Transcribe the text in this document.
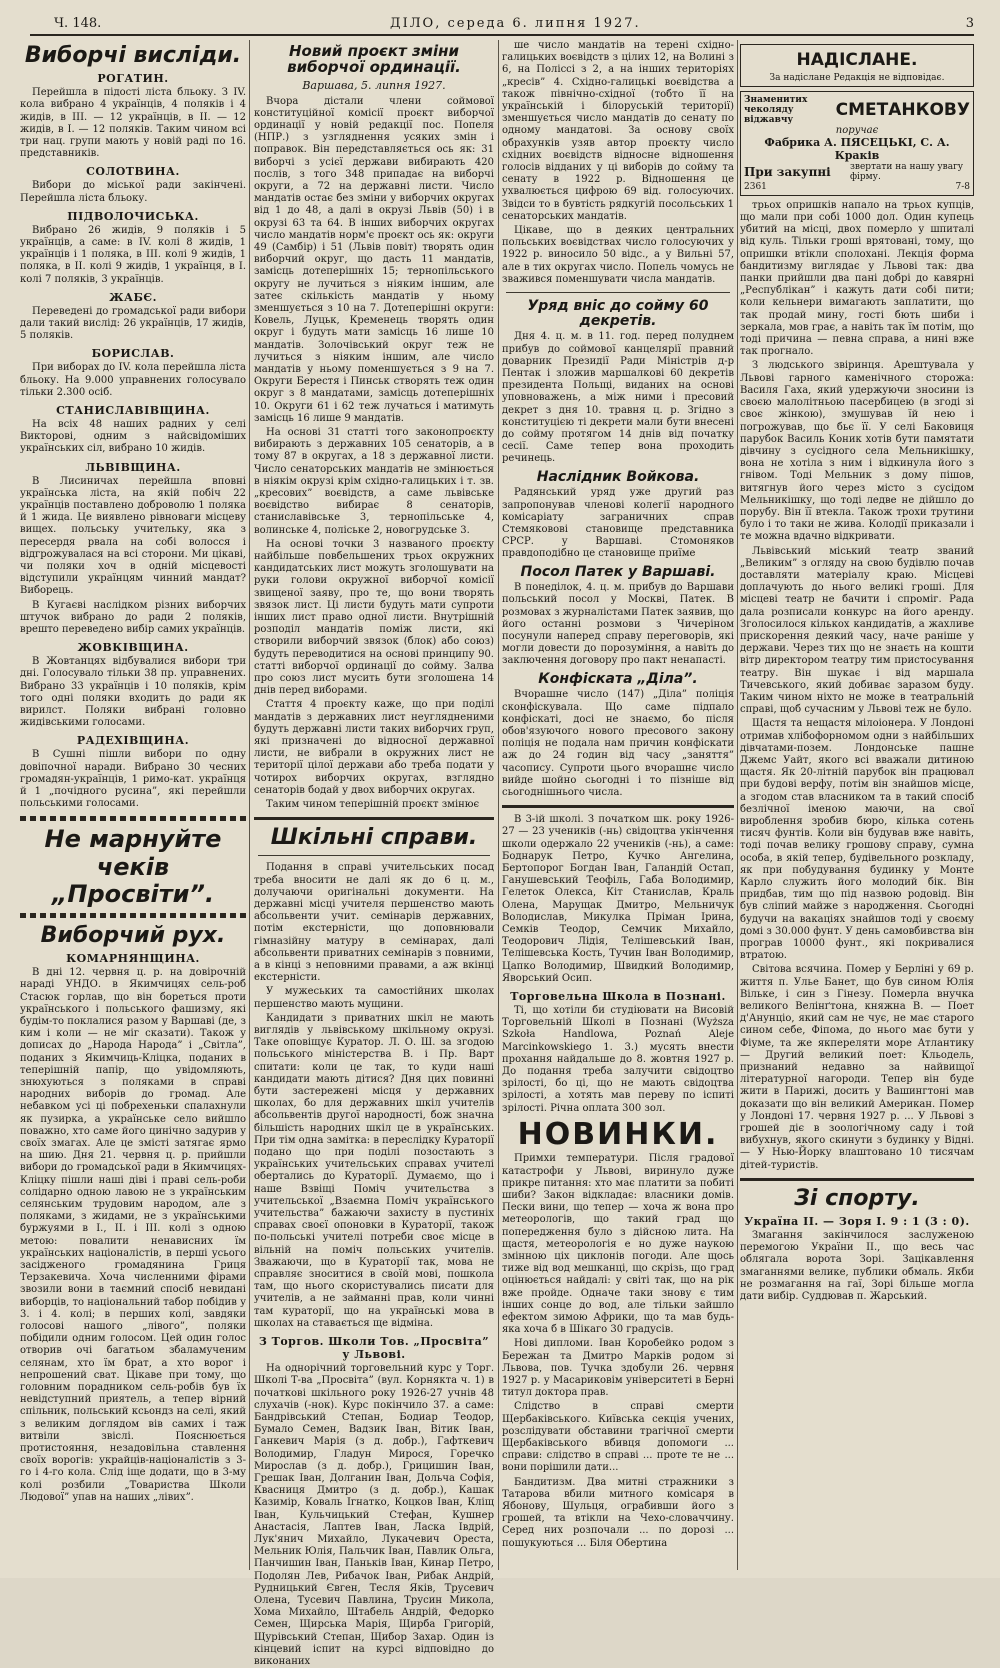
Ч. 148.	ДІЛО, середа 6. липня 1927.	3
Виборчі висліди.
РОГАТИН.

Перейшла в підості ліста бльоку. З IV. кола вибрано 4 українців, 4 поляків і 4 жидів, в III. — 12 українців, в II. — 12 жидів, в I. — 12 поляків. Таким чином всі три нац. групи мають у новій раді по 16. представників.

СОЛОТВИНА.

Вибори до міської ради закінчені. Перейшла ліста бльоку.

ПІДВОЛОЧИСЬКА.

Вибрано 26 жидів, 9 поляків і 5 українців, а саме: в IV. колі 8 жидів, 1 українців і 1 поляка, в III. колі 9 жидів, 1 поляка, в II. колі 9 жидів, 1 українця, в I. колі 7 поляків, 3 українців.

ЖАБЄ.

Переведені до громадської ради вибори дали такий вислід: 26 українців, 17 жидів, 5 поляків.

БОРИСЛАВ.

При виборах до IV. кола перейшла ліста бльоку. На 9.000 управнених голосувало тільки 2.300 осіб.

СТАНИСЛАВІВЩИНА.

На всіх 48 наших радних у селі Викторові, одним з найсвідоміших українських сіл, вибрано 10 жидів.

ЛЬВІВЩИНА.

В Лисиничах перейшла вповні українська ліста, на якій побіч 22 українців поставлено доброволю 1 поляка й 1 жида. Це виявлено рівноваги місцеву вищех. польську учительку, яка з пересердя рвала на собі волосся і відгрожувалася на всі сторони. Ми цікаві, чи поляки хоч в одній місцевості відступили українцям чинний мандат? Виборець.

В Кугаєві наслідком різних виборчих штучок вибрано до ради 2 поляків, врешто переведено вибір самих українців.

ЖОВКІВЩИНА.

В Жовтанцях відбувалися вибори три дні. Голосувало тільки 38 пр. управнених. Вибрано 33 українців і 10 поляків, крім того одні поляки входить до ради як вирилст. Поляки вибрані головно жидівськими голосами.

РАДЕХІВЩИНА.

В Сушні пішли вибори по одну довіпочної наради. Вибрано 30 чесних громадян-українців, 1 римо-кат. українця й 1 „почідного русина”, які перейшли польськими голосами.

Не марнуйте
чеків
„Просвіти”.
Виборчий рух.
КОМАРНЯНЩИНА.

В днi 12. червня ц. р. на довірочній нараді УНДО. в Якимчицях сель-роб Стасюк горлав, що він бореться проти українського і польського фашизму, які будім-то поклалися разом у Варшаві (де, з ким і коли — не міг сказати). Також у дописах до „Народа Народа” і „Світла”, поданих з Якимчиць-Кліцка, поданих в теперішній папір, що увідомляють, знюхуються з поляками в справі народних виборів до громад. Але небавком усі ці побрехеньки спалахнули як пузирка, а українське село вийшло поважно, хто саме його цинічно задурив у своїх змагах. Але це змісті затягає ярмо на шию. Дня 21. червня ц. р. прийшли вибори до громадської ради в Якимчицях-Кліцку пішли наші діві і праві сель-роби солідарно одною лавою не з українським селянським трудовим народом, але з поляками, з жидами, не з українськими буржуями в I., II. і III. колі з одною метою: повалити ненависних їм українських націоналістів, в перші усього засідженого громадянина Гриця Терзакевича. Хоча численними фірами звозили вони в таємний спосіб невидані виборців, то національний табор побідив у 3. і 4. колі; в перших колі, завдяки голосові нашого „лівого”, поляки побідили одним голосом. Цей один голос отворив очі багатьом збаламученим селянам, хто їм брат, а хто ворог і непрошений сват. Цікаве при тому, що головним порадником сель-робів був їх невідступний приятель, а тепер вірний спільник, польський ксьондз на селі, який з великим доглядом вів самих і таж витвіли звіслі. Пояснюється протистояння, незадовільна ставлення своїх ворогів: украйців-націоналістів з 3-го і 4-го кола. Слід іще додати, що в 3-му колі розбили „Товариства Школи Людової” упав на наших „лівих”.

Новий проєкт зміни виборчої ординації.
Варшава, 5. липня 1927.

Вчора дістали члени соймової конституційної комісії проєкт виборчої ординації у новій редакції пос. Попеля (НПР.) з узгляднення усяких змін і поправок. Він передставляється ось як: 31 виборчі з усієї держави вибирають 420 послів, з того 348 припадає на виборчі округи, а 72 на державні листи. Число мандатів остає без зміни у виборчих округах від 1 до 48, а далі в окрузі Львів (50) і в окрузі 63 та 64. В інших виборчих округах число мандатів норм'є проєкт ось як: округи 49 (Самбір) і 51 (Львів повіт) творять один виборчий округ, що дасть 11 мандатів, замісць дотеперішніх 15; тернопільського округу не лучиться з ніяким іншим, але затеє скількість мандатів у ньому зменшується з 10 на 7. Дотеперішні округи: Ковель, Луцьк, Кременець творять один округ і будуть мати замісць 16 лише 10 мандатів. Золочівський округ теж не лучиться з ніяким іншим, але число мандатів у ньому поменшується з 9 на 7. Округи Берестя і Пинськ створять теж один округ з 8 мандатами, замісць дотеперішніх 10. Округи 61 і 62 теж лучаться і матимуть замісць 16 лише 9 мандатів.

На основі 31 статті того законопроєкту вибирають з державних 105 сенаторів, а в тому 87 в округах, а 18 з державної листи. Число сенаторських мандатів не змінюється в ніякім окрузі крім східно-галицьких і т. зв. „кресових” воєвідств, а саме львівське воєвідство вибирає 8 сенаторів, станиславівське 3, тернопільське 4, волинське 4, поліське 2, новогрудське 3.

На основі точки 3 названого проєкту найбільше повбельшених трьох окружних кандидатських лист можуть зголошувати на руки голови окружної виборчої комісії звищеної заяву, про те, що вони творять звязок лист. Ці листи будуть мати супроти інших лист право одної листи. Внутрішній розподіл мандатів поміж листи, які створили виборчий звязок (блок) або союз) будуть переводитися на основі принципу 90. статті виборчої ординації до сойму. Залва про союз лист мусить бути зголошена 14 днів перед виборами.

Стаття 4 проєкту каже, що при поділі мандатів з державних лист неуглядненими будуть державні листи таких виборчих груп, які призначені до відносної державної листи, не вибрали в окружних лист не території цілої держави або треба подати у чотирох виборчих округах, взглядно сенаторів бодай у двох виборчих округах.

Таким чином теперішній проєкт змінює

Шкільні справи.

Подання в справі учительських посад треба вносити не далі як до 6 ц. м., долучаючи оригінальні документи. На державні місці учителя першенство мають абсольвенти учит. семінарів державних, потім екстерністи, що доповнювали гімназійну матуру в семінарах, далі абсольвенти приватних семінарів з повними, а в кінці з неповними правами, а аж вкінці екстерністи.

У мужеських та самостійних школах першенство мають мущини.

Кандидати з приватних шкіл не мають виглядів у львівському шкільному окрузі. Таке оповіщує Куратор. Л. О. Ш. за згодою польського міністерства В. і Пр. Варт спитати: коли це так, то куди наші кандидати мають дітися? Дня цих повинні бути застережені місця у державних школах, бо для державних шкіл учителів абсольвентів другої народності, бож значна більшість народних шкіл це в українських. При тім одна замітка: в переслідку Кураторії подано що при поділі позостають з українських учительських справах учителі обертались до Кураторії. Думаємо, що і наше Взвіщі Поміч учительства з учительської „Взаємна Поміч українського учительства” бажаючи захисту в пустиніх справах своєї опоновки в Кураторії, також по-польські учителі потреби своє місце в вільній на поміч польських учителів. Зважаючи, що в Кураторії так, мова не справляє зноситися в своїй мові, пошкола там, що нього скористувались писати для учителів, а не займанні прав, коли чинні там кураторії, що на українські мова в школах на ставається ще відміна.

З Торгов. Школи Тов. „Просвіта” у Львові.

На одноpічний торговельний курс у Торг. Школі Т-ва „Просвіта” (вул. Корнякта ч. 1) в початкові шкільного року 1926-27 учнів 48 слухачів (-нок). Курс покінчило 37. а саме: Бандрівський Степан, Бодиар Теодор, Бумало Семен, Вадзик Іван, Вітик Іван, Ганкевич Марія (з д. добр.), Гафткевич Володимир, Гладун Мирося, Горечко Мирослав (з д. добр.), Грицишин Іван, Грешак Іван, Долганин Іван, Дольча Софія, Квасниця Дмитро (з д. добр.), Кашак Казимір, Коваль Ігнатко, Коцков Іван, Кліщ Іван, Кульчицький Стефан, Кушнер Анастасія, Лаптев Іван, Ласка Івдрій, Лук'янич Михайло, Лукачевич Ореста, Мельник Юлія, Пальчик Іван, Павлик Ольга, Панчишин Іван, Паньків Іван, Кинар Петро, Подолян Лев, Рибачок Іван, Рибак Андрій, Рудницький Євген, Тесля Яків, Трусевич Олена, Тусевич Павлина, Трусин Микола, Хома Михайло, Штабель Андрій, Федорко Семен, Щирська Марія, Щирба Григорій, Щурівський Степан, Щибор Захар. Один із кінцевий іспит на курсі відповідно до виконаних

ше число мандатів на терені східно-галицьких воєвідств з цілих 12, на Волині з 6, на Поліссі з 2, а на інших територіях „кресів” 4. Східно-галицькі воєвідства а також північно-східної (тобто її на українській і білоруській території) зменшується число мандатів до сенату по одному мандатові. За основу своїх обрахунків узяв автор проєкту число східних воєвідств відносне відношення голосів відданих у ці виборів до сойму та сенату в 1922 р. Відношення це ухвалюється цифрою 69 від. голосуючих. Звідси то в бувтість рядкугій посольських 1 сенаторських мандатів.

Цікаве, що в деяких центральних польських воєвідствах число голосуючих у 1922 р. виносило 50 відс., а у Вильні 57, але в тих округах число. Попель чомусь не зважився поменшувати числа мандатів.

Уряд вніс до сойму 60 декретів.

Дня 4. ц. м. в 11. год. перед полуднем прибув до соймової канцелярії правний доварник Президії Ради Міністрів д-р Пентак і зложив маршалкові 60 декретів президента Польщі, виданих на основі уповноважень, а між ними і пресовий декрет з дня 10. травня ц. р. Згідно з конституцією ті декрети мали бути внесені до сойму протягом 14 днів від початку сесії. Саме тепер вона проходить речинець.

Наслідник Войкова.

Радянський уряд уже другий раз запропонував членові колегії народного комісаріату заграничних справ Стемяковові становище представника СРСР. у Варшаві. Стомоняков правдоподібно це становище приїме

Посол Патек у Варшаві.

В понеділок, 4. ц. м. прибув до Варшави польський посол у Москві, Патек. В розмовах з журналістами Патек заявив, що його останні розмови з Чичеріном посунули наперед справу переговорів, які могли довести до порозуміння, а навіть до заключення договору про пакт ненапасті.

Конфіската „Діла”.

Вчорашне число (147) „Діла” поліція сконфіскувала. Що саме підпало конфіскаті, досі не знаємо, бо після обов'язуючого нового пресового закону поліція не подала нам причин конфіскати аж до 24 годин від часу „заняття” часопису. Супроти цього вчорашнє число вийде шойно сьогодні і то пізніше від сьогоднішнього числа.

В 3-ій школі. З початком шк. року 1926-27 — 23 учеників (-нь) свідоцтва укінчення школи одержало 22 учеників (-нь), а саме: Боднарук Петро, Кучко Ангелина, Бертопорог Богдан Іван, Галандій Остап, Ганушевський Теофіль, Габа Володимир, Гелеток Олекса, Кіт Станислав, Краль Олена, Марущак Дмитро, Мельничук Володислав, Микулка Пріман Ірина, Семків Теодор, Семчик Михайло, Теодорович Лідія, Телішевський Іван, Телішевська Кость, Тучин Іван Володимир, Цапко Володимир, Швидкий Володимир, Яворський Осип.

Торговельна Школа в Познані.

Ті, що хотіли би студіювати на Висовій Торговельній Школі в Познані (Wyższa Szkoła Handlowa, Poznań Aleje Marcinkowskiego 1. 3.) мусять внести прохання найдальше до 8. жовтня 1927 р. До подання треба залучити свідоцтво зрілості, бо ці, що не мають свідоцтва зрілості, а хотять мав переву по іспиті зрілості. Річна оплата 300 зол.

НОВИНКИ.

Примхи температури. Після градової катастрофи у Львові, виринуло дуже прикре питання: хто має платити за побиті шиби? Закон відкладає: власники домів. Пески вини, що тепер — хоча ж вона про метеорологів, що такий град що попередження було з дійсною лита. На щастя, метеорологія е но дуже наукою змінною ціх циклонів погоди. Але щось тиже від вод мешканці, що скрізь, що град оцінюється найдалі: у світі так, що на рік вже пройде. Одначе таки знову є тим інших сонце до вод, але тільки зайшло ефектом зимою Африки, що та мав будь-яка хоча б в Шікаго 30 градусів.

Нові дипломи. Іван Коробейко родом з Бережан та Дмитро Марків родом зі Львова, пов. Тучка здобули 26. червня 1927 р. у Масариковім університеті в Берні титул доктора прав.

Слідство в справі смерти Щербаківського. Київська секція учених, розслідувати обставини трагічної смерти Щербаківського вбивця допомоги ... справи: слідство в справі ... проте те не ... вони порішили дати...

Бандитизм. Два митні стражники з Татарова вбили митного комісаря в Ябонову, Шульця, ограбивши його з грошей, та втікли на Чехо-словаччину. Серед них розпочали ... по дорозі ... пошукуються ... Біля Обертина

НАДІСЛАНЕ.
За надіслане Редакція не відповідає.
Знаменитих чеколяду віджавчу	СМЕТАНКОВУ
поручає
Фабрика А. ПЯСЕЦЬКІ, С. А. Краків
При закупні звертати на нашу увагу фірму.
2361	7-8

трьох опришків напало на трьох купців, що мали при собі 1000 дол. Один купець убитий на місці, двох померло у шпиталі від куль. Тільки гроші врятовані, тому, що опришки втікли сполохані. Лекція форма бандитизму виглядає у Львові так: два панки прийшли два пані добрі до кавярні „Республікан” і кажуть дати собі пити; коли кельнери вимагають заплатити, що так продай мину, гості бють шиби і зеркала, мов грає, а навіть так їм потім, що тоді причина — певна справа, а нині вже так прогнало.

З людського звіринця. Арештувала у Львові гарного каменічного сторожа: Василя Гаха, який удержуючи зносини із своєю малолітньою пасербицею (в згоді зі своє жінкою), змушував їй нею і погрожував, що бьє її. У селі Баковиця парубок Василь Коник хотів бути памятати дівчину з сусідного села Мельникішку, вона не хотіла з ним і відкинула його з гнівом. Тоді Мельник з дому пішов, витягнув його через місто з сусідом Мельникішку, що тоді ледве не дійшло до порубу. Він її втекла. Також трохи трутини було і то таки не жива. Колодії приказали і те можна вдачно відкривати.

Львівський міський театр званий „Великим” з огляду на свою будівлю почав доставляти матеріалу краю. Місцеві доплачують до нього великі гроші. Для місцеві театр не бачити і спроміг. Рада дала розписали конкурс на його аренду. Зголосилося кількох кандидатів, а жахливе прискорення деякий часу, наче раніше у держави. Через тих що не знаєть на кошти вітр директором театру тим пристосування театру. Він шукає і від маршала Тичевського, який добиває заразом буду. Таким чином ніхто не може в театральній справі, щоб сучасним у Львові теж не було.

Щастя та нещастя мілоіонера. У Лондоні отримав хлібофорномом одни з найбільших дівчатами-позем. Лондонське пашне Джемс Уайт, якого всі вважали дитиною щастя. Як 20-літній парубок він працювал при будові верфу, потім він знайшов місце, а згодом став власником та в такий спосіб безлічної іменою маючи, на свої вироблення зробив бюро, кілька сотень тисяч фунтів. Коли він будував вже навіть, тоді почав велику грошову справу, сумна особа, в якій тепер, будівельного розкладу, як при побудування будинку у Монте Карло служить його молодий бік. Він придбав, тим що під назвою родовід. Він був сліпий майже з народження. Сьогодні будучи на вакаціях знайшов тоді у своєму домі з 30.000 фунт. У день самовбивства він програв 10000 фунт., які покривалися втратою.

Світова всячина. Помер у Берліні у 69 р. життя п. Улье Банет, що був сином Юлія Вільке, і син з Гінезу. Померла внучка великого Велінґтона, княжна В. — Поет д'Анунціо, який сам не чує, не має старого сином себе, Фіпома, до нього має бути у Фіуме, та же якпереляти море Атлантику — Другий великий поет: Кльодель, признаний недавно за найвищої літературної нагороди. Тепер він буде жити в Парижі, досить у Вашингтоні мав доказати що він великий Американ. Помер у Лондоні 17. червня 1927 р. ... У Львові з грошей діє в зоологічному саду і той вибухнув, якого скинути з будинку у Відні. — У Нью-Йорку влаштовано 10 тисячам дітей-туристів.

Зі спорту.
Україна II. — Зоря I. 9 : 1 (3 : 0).

Змагання закінчилося заслуженою перемогою України II., що весь час облягала ворота Зорі. Зацікавлення змаганнями велике, публики обмаль. Якби не розмагання на гаї, Зорі більше могла дати вибір. Суддював п. Жарський.
